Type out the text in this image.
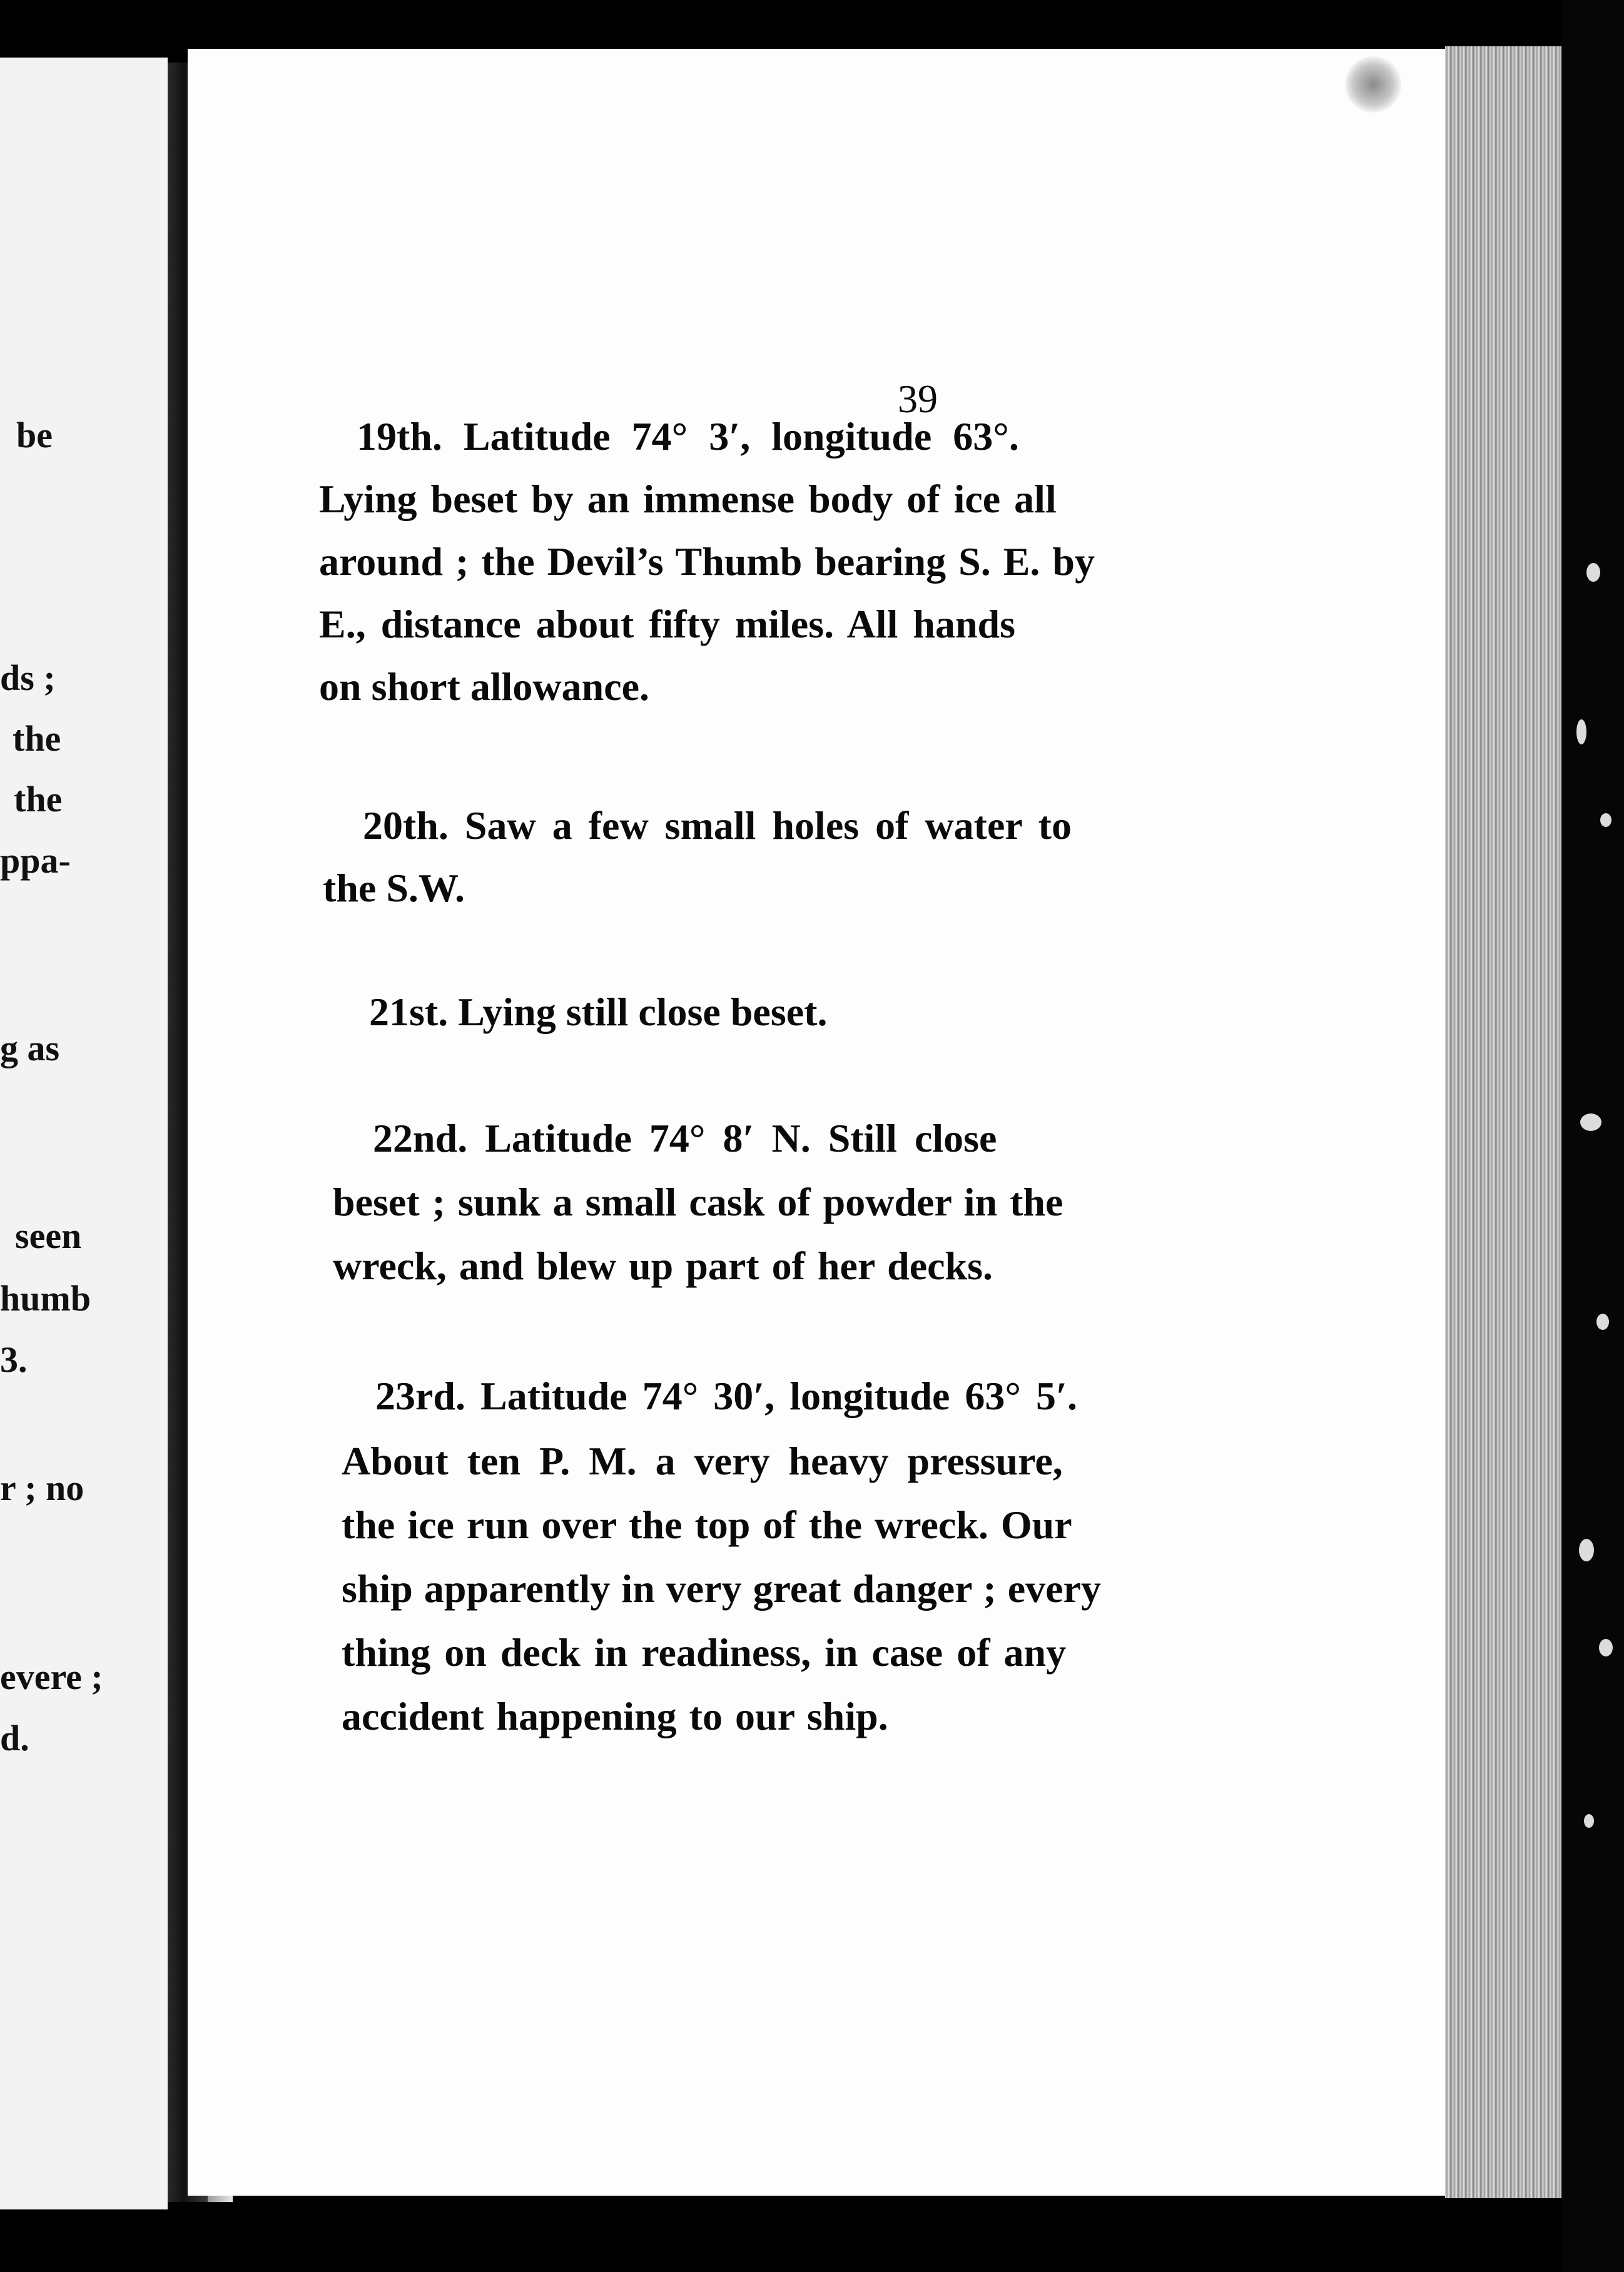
be
ds ;
the
the
ppa-
g as
seen
humb
3.
r ; no
evere ;
d.
39
19th. Latitude 74° 3′, longitude 63°.
Lying beset by an immense body of ice all
around ; the Devil’s Thumb bearing S. E. by
E., distance about fifty miles. All hands
on short allowance.
20th. Saw a few small holes of water to
the S.W.
21st. Lying still close beset.
22nd. Latitude 74° 8′ N. Still close
beset ; sunk a small cask of powder in the
wreck, and blew up part of her decks.
23rd. Latitude 74° 30′, longitude 63° 5′.
About ten P. M. a very heavy pressure,
the ice run over the top of the wreck. Our
ship apparently in very great danger ; every
thing on deck in readiness, in case of any
accident happening to our ship.
